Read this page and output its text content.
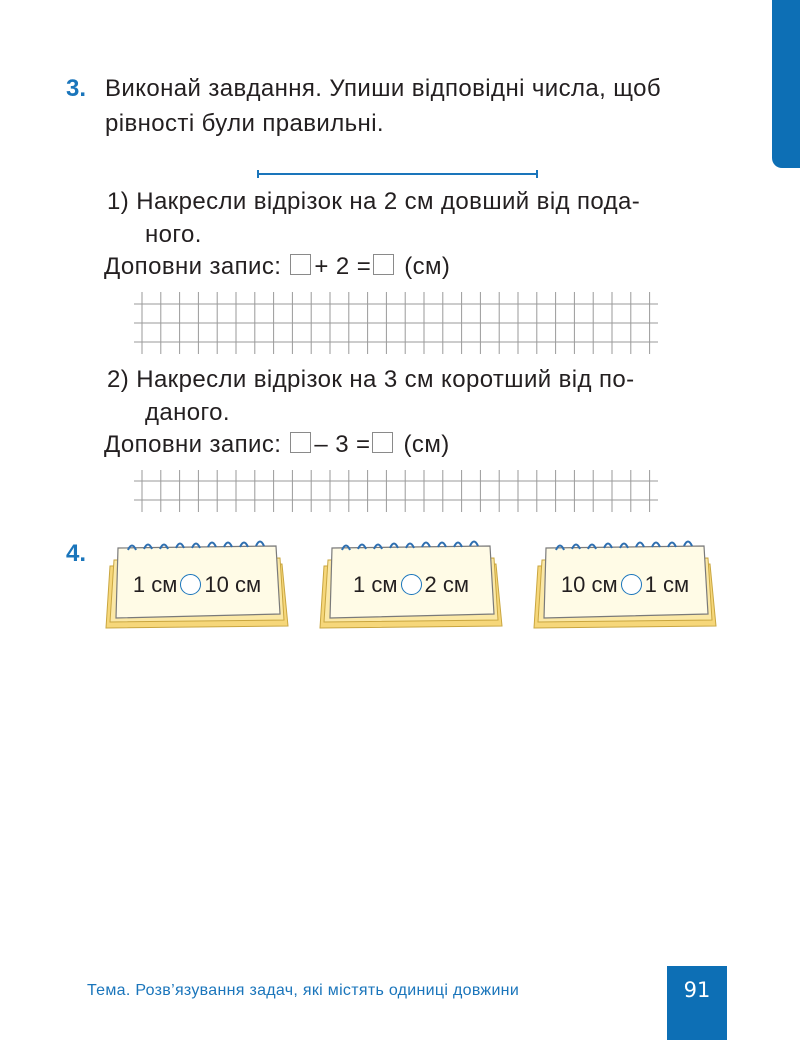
3. Виконай завдання. Упиши відповідні числа, щоб
рівності були правильні.
1) Накресли відрізок на 2 см довший від пода-
ного.
Доповни запис: + 2 = (см)
2) Накресли відрізок на 3 см коротший від по-
даного.
Доповни запис: – 3 = (см)
4.
1 см 10 см	1 см 2 см	10 см 1 см
Тема. Розв’язування задач, які містять одиниці довжини	91
